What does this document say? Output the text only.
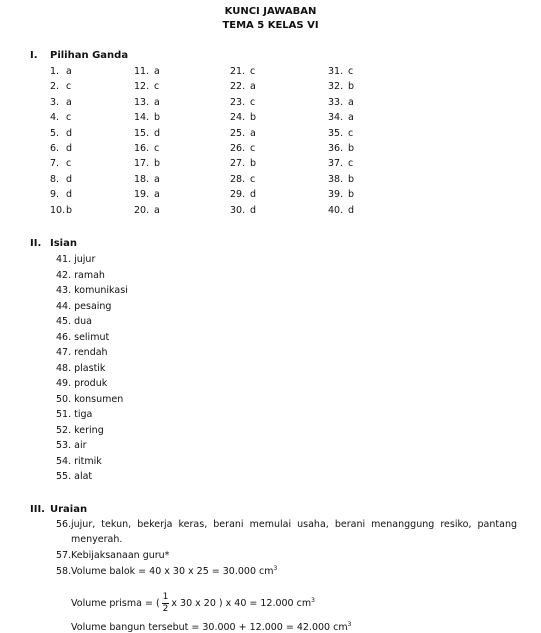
KUNCI JAWABAN
TEMA 5 KELAS VI
I. Pilihan Ganda
1. a	11. a	21. c	31. c
2. c	12. c	22. a	32. b
3. a	13. a	23. c	33. a
4. c	14. b	24. b	34. a
5. d	15. d	25. a	35. c
6. d	16. c	26. c	36. b
7. c	17. b	27. b	37. c
8. d	18. a	28. c	38. b
9. d	19. a	29. d	39. b
10.b	20. a	30. d	40. d
II. Isian
41. jujur
42. ramah
43. komunikasi
44. pesaing
45. dua
46. selimut
47. rendah
48. plastik
49. produk
50. konsumen
51. tiga
52. kering
53. air
54. ritmik
55. alat
III. Uraian
56. jujur, tekun, bekerja keras, berani memulai usaha, berani menanggung resiko, pantang
menyerah.
57.Kebijaksanaan guru*
58.Volume balok = 40 x 30 x 25 = 30.000 $cm^3$
Volume prisma = ( $\frac{1}{2}$ x 30 x 20 ) x 40 = 12.000 $cm^3$
Volume bangun tersebut = 30.000 + 12.000 = 42.000 $cm^3$
